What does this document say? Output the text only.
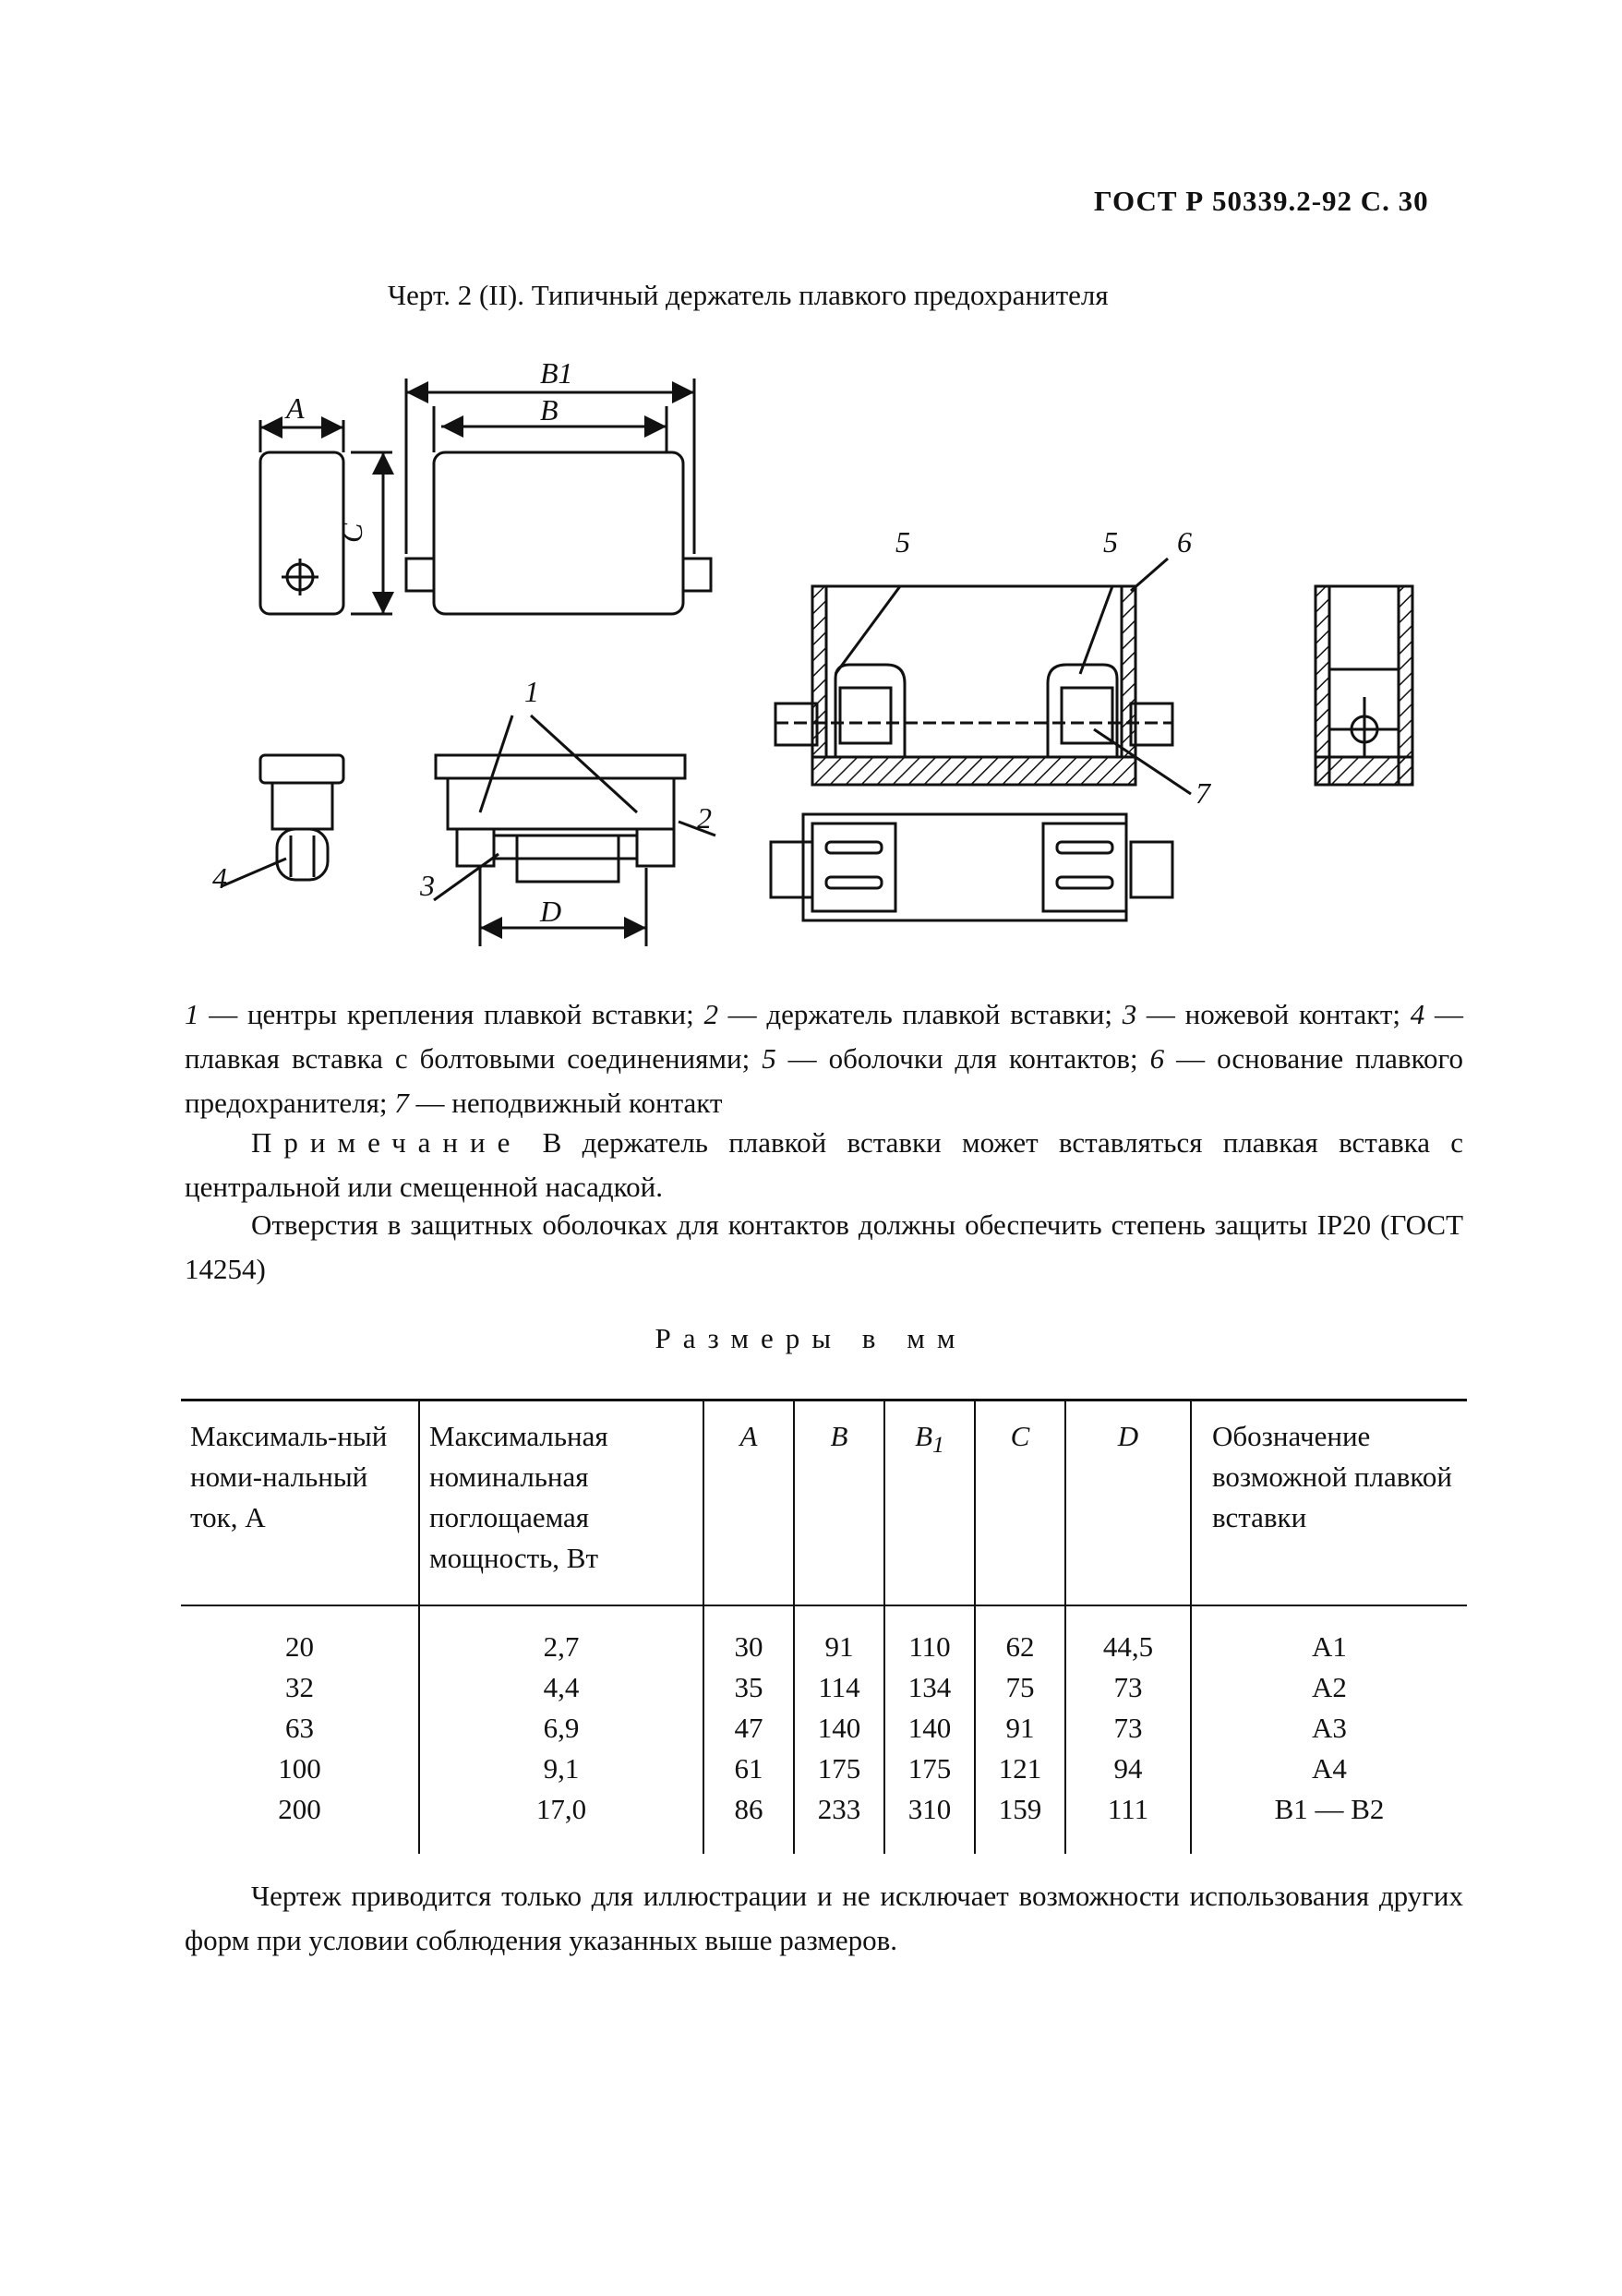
ГОСТ Р 50339.2-92 С. 30
Черт. 2 (II). Типичный держатель плавкого предохранителя
A
B1
B
C
D
1
2
3
4
5	5 6
7
1 — центры крепления плавкой вставки; 2 — держатель плавкой вставки; 3 — ножевой контакт; 4 — плавкая вставка с болтовыми соединениями; 5 — оболочки для контактов; 6 — основание плавкого предохранителя; 7 — неподвижный контакт
Примечание В держатель плавкой вставки может вставляться плавкая вставка с центральной или смещенной насадкой.
Отверстия в защитных оболочках для контактов должны обеспечить степень защиты IP20 (ГОСТ 14254)
Размеры в мм
Максималь-ный номи-нальный ток, А	Максимальная номинальная поглощаемая мощность, Вт	A	B	$B_1$	C	D	Обозначение возможной плавкой вставки
20	2,7	30	91	110	62	44,5	A1
32	4,4	35	114	134	75	73	A2
63	6,9	47	140	140	91	73	A3
100	9,1	61	175	175	121	94	A4
200	17,0	86	233	310	159	111	B1 — B2
Чертеж приводится только для иллюстрации и не исключает возможности использования других форм при условии соблюдения указанных выше размеров.
